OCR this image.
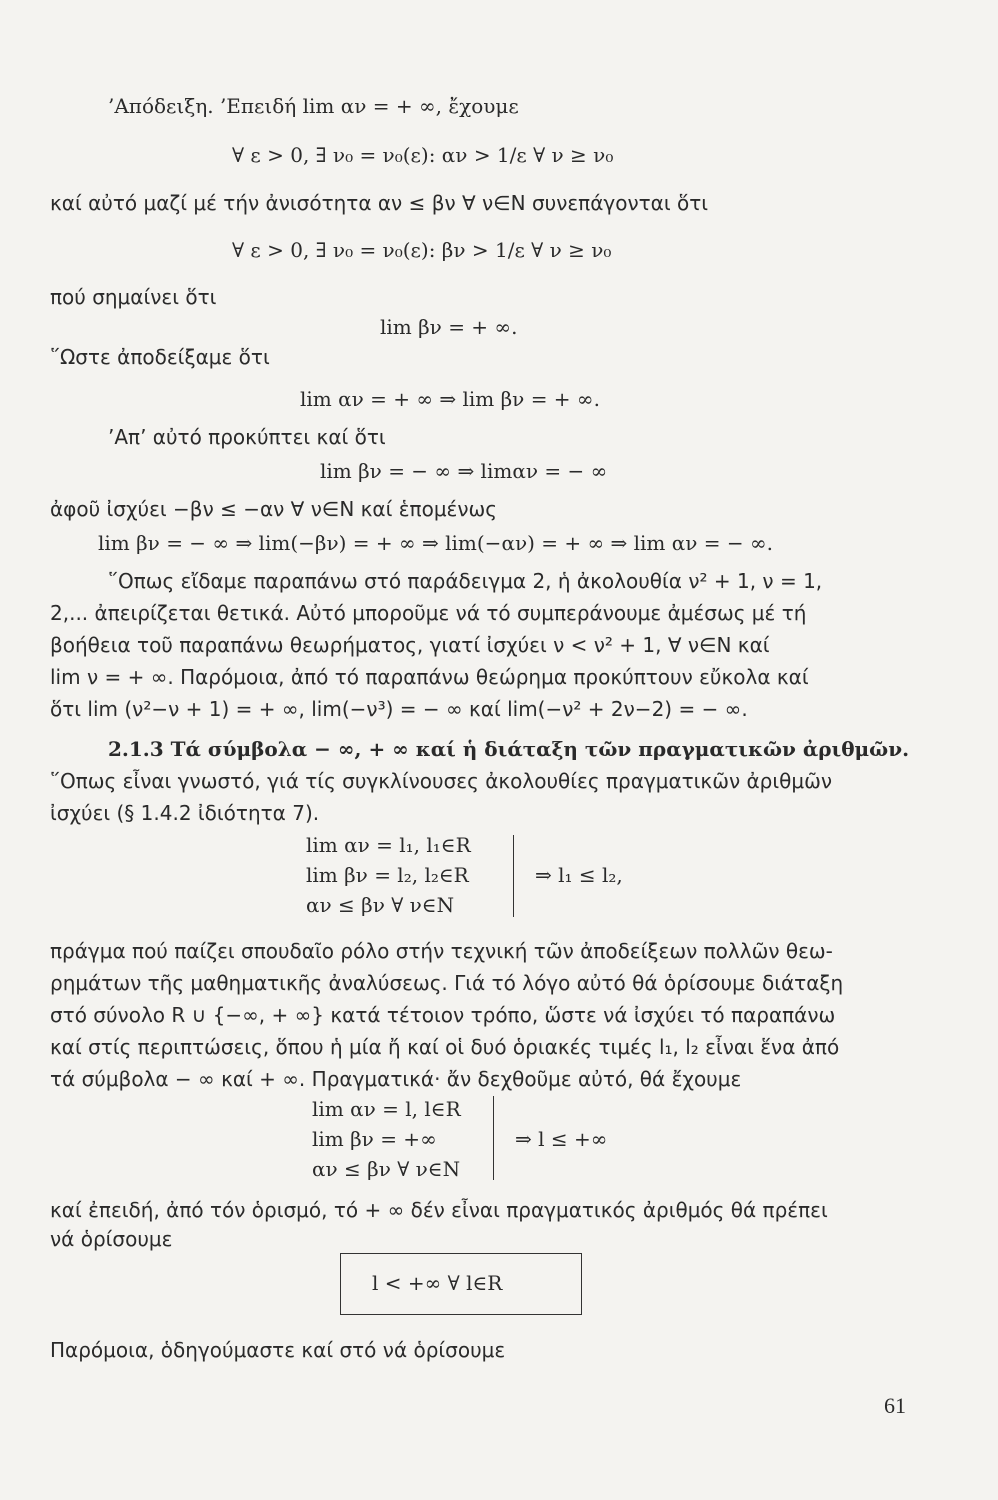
’Απόδειξη. ’Επειδή lim αν = + ∞, ἔχουμε
∀ ε > 0, ∃ ν₀ = ν₀(ε): αν > 1/ε ∀ ν ≥ ν₀
καί αὐτό μαζί μέ τήν ἀνισότητα αν ≤ βν ∀ ν∈N συνεπάγονται ὅτι
∀ ε > 0, ∃ ν₀ = ν₀(ε): βν > 1/ε ∀ ν ≥ ν₀
πού σημαίνει ὅτι
lim βν = + ∞.
῞Ωστε ἀποδείξαμε ὅτι
lim αν = + ∞ ⇒ lim βν = + ∞.
’Απ’ αὐτό προκύπτει καί ὅτι
lim βν = − ∞ ⇒ limαν = − ∞
ἀφοῦ ἰσχύει −βν ≤ −αν ∀ ν∈N καί ἑπομένως
lim βν = − ∞ ⇒ lim(−βν) = + ∞ ⇒ lim(−αν) = + ∞ ⇒ lim αν = − ∞.
῞Οπως εἴδαμε παραπάνω στό παράδειγμα 2, ἡ ἀκολουθία ν² + 1, ν = 1,
2,... ἀπειρίζεται θετικά. Αὐτό μποροῦμε νά τό συμπεράνουμε ἀμέσως μέ τή
βοήθεια τοῦ παραπάνω θεωρήματος, γιατί ἰσχύει ν < ν² + 1, ∀ ν∈N καί
lim ν = + ∞. Παρόμοια, ἀπό τό παραπάνω θεώρημα προκύπτουν εὔκολα καί
ὅτι lim (ν²−ν + 1) = + ∞, lim(−ν³) = − ∞ καί lim(−ν² + 2ν−2) = − ∞.
2.1.3 Τά σύμβολα − ∞, + ∞ καί ἡ διάταξη τῶν πραγματικῶν ἀριθμῶν.
῞Οπως εἶναι γνωστό, γιά τίς συγκλίνουσες ἀκολουθίες πραγματικῶν ἀριθμῶν
ἰσχύει (§ 1.4.2 ἰδιότητα 7).
lim αν = l₁, l₁∈R
lim βν = l₂, l₂∈R
αν ≤ βν ∀ ν∈N
⇒ l₁ ≤ l₂,
πράγμα πού παίζει σπουδαῖο ρόλο στήν τεχνική τῶν ἀποδείξεων πολλῶν θεω-
ρημάτων τῆς μαθηματικῆς ἀναλύσεως. Γιά τό λόγο αὐτό θά ὁρίσουμε διάταξη
στό σύνολο R ∪ {−∞, + ∞} κατά τέτοιον τρόπο, ὥστε νά ἰσχύει τό παραπάνω
καί στίς περιπτώσεις, ὅπου ἡ μία ἤ καί οἱ δυό ὁριακές τιμές l₁, l₂ εἶναι ἕνα ἀπό
τά σύμβολα − ∞ καί + ∞. Πραγματικά· ἄν δεχθοῦμε αὐτό, θά ἔχουμε
lim αν = l, l∈R
lim βν = +∞
αν ≤ βν ∀ ν∈N
⇒ l ≤ +∞
καί ἐπειδή, ἀπό τόν ὁρισμό, τό + ∞ δέν εἶναι πραγματικός ἀριθμός θά πρέπει
νά ὁρίσουμε
l < +∞ ∀ l∈R
Παρόμοια, ὁδηγούμαστε καί στό νά ὁρίσουμε
61
